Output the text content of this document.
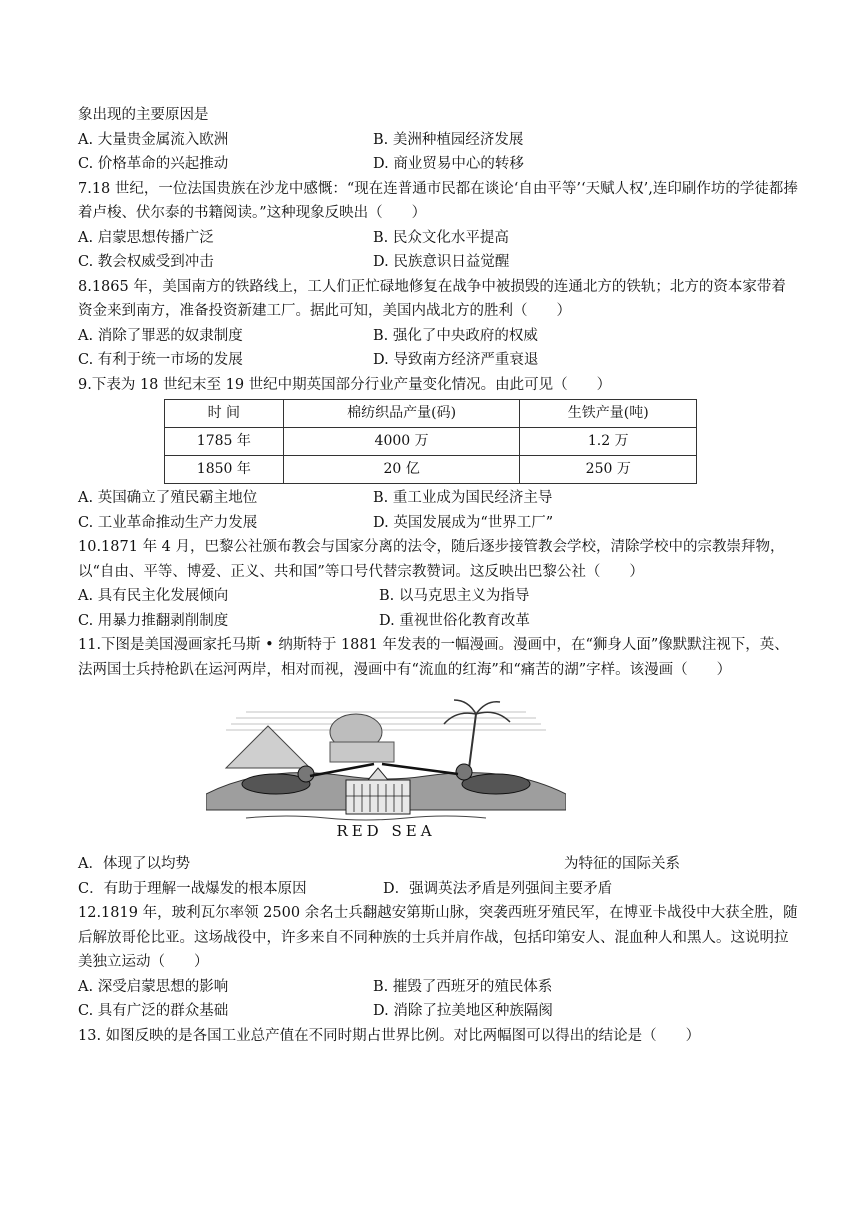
象出现的主要原因是
A. 大量贵金属流入欧洲	B. 美洲种植园经济发展
C. 价格革命的兴起推动	D. 商业贸易中心的转移
7.18 世纪，一位法国贵族在沙龙中感慨：“现在连普通市民都在谈论‘自由平等’‘天赋人权’,连印刷作坊的学徒都捧着卢梭、伏尔泰的书籍阅读。”这种现象反映出（　　）
A. 启蒙思想传播广泛	B. 民众文化水平提高
C. 教会权威受到冲击	D. 民族意识日益觉醒
8.1865 年，美国南方的铁路线上，工人们正忙碌地修复在战争中被损毁的连通北方的铁轨；北方的资本家带着资金来到南方，准备投资新建工厂。据此可知，美国内战北方的胜利（　　）
A. 消除了罪恶的奴隶制度	B. 强化了中央政府的权威
C. 有利于统一市场的发展	D. 导致南方经济严重衰退
9.下表为 18 世纪末至 19 世纪中期英国部分行业产量变化情况。由此可见（　　）
时 间	棉纺织品产量(码)	生铁产量(吨)
1785 年	4000 万	1.2 万
1850 年	20 亿	250 万
A. 英国确立了殖民霸主地位	B. 重工业成为国民经济主导
C. 工业革命推动生产力发展	D. 英国发展成为“世界工厂”
10.1871 年 4 月，巴黎公社颁布教会与国家分离的法令，随后逐步接管教会学校，清除学校中的宗教崇拜物，以“自由、平等、博爱、正义、共和国”等口号代替宗教赞词。这反映出巴黎公社（　　）
A. 具有民主化发展倾向	B. 以马克思主义为指导
C. 用暴力推翻剥削制度	D. 重视世俗化教育改革
11.下图是美国漫画家托马斯 • 纳斯特于 1881 年发表的一幅漫画。漫画中，在“狮身人面”像默默注视下，英、法两国士兵持枪趴在运河两岸，相对而视，漫画中有“流血的红海”和“痛苦的湖”字样。该漫画（　　）
RED SEA
A．体现了以均势	为特征的国际关系
C．有助于理解一战爆发的根本原因	D．强调英法矛盾是列强间主要矛盾
12.1819 年，玻利瓦尔率领 2500 余名士兵翻越安第斯山脉，突袭西班牙殖民军，在博亚卡战役中大获全胜，随后解放哥伦比亚。这场战役中，许多来自不同种族的士兵并肩作战，包括印第安人、混血种人和黑人。这说明拉美独立运动（　　）
A. 深受启蒙思想的影响	B. 摧毁了西班牙的殖民体系
C. 具有广泛的群众基础	D. 消除了拉美地区种族隔阂
13. 如图反映的是各国工业总产值在不同时期占世界比例。对比两幅图可以得出的结论是（　　）
